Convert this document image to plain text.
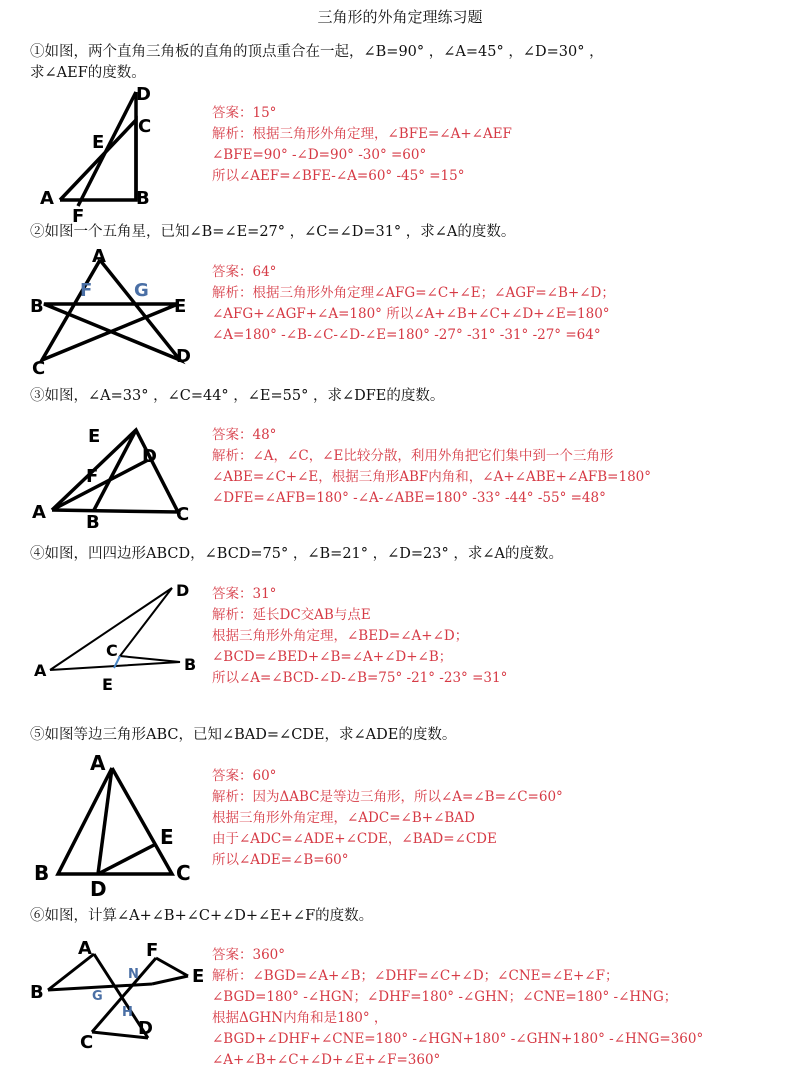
三角形的外角定理练习题
①如图，两个直角三角板的直角的顶点重合在一起，∠B=90° ，∠A=45° ，∠D=30° ，
求∠AEF的度数。
A	B
C
D
E
F
答案：15°
解析：根据三角形外角定理，∠BFE=∠A+∠AEF
∠BFE=90° -∠D=90° -30° =60°
所以∠AEF=∠BFE-∠A=60° -45° =15°
②如图一个五角星，已知∠B=∠E=27° ，∠C=∠D=31° ，求∠A的度数。
A
B
C
D
E
F G
答案：64°
解析：根据三角形外角定理∠AFG=∠C+∠E；∠AGF=∠B+∠D；
∠AFG+∠AGF+∠A=180° 所以∠A+∠B+∠C+∠D+∠E=180°
∠A=180° -∠B-∠C-∠D-∠E=180° -27° -31° -31° -27° =64°
③如图，∠A=33° ，∠C=44° ，∠E=55° ，求∠DFE的度数。
A B	C
D
E
F
答案：48°
解析：∠A，∠C，∠E比较分散，利用外角把它们集中到一个三角形
∠ABE=∠C+∠E，根据三角形ABF内角和，∠A+∠ABE+∠AFB=180°
∠DFE=∠AFB=180° -∠A-∠ABE=180° -33° -44° -55° =48°
④如图，凹四边形ABCD，∠BCD=75° ，∠B=21° ，∠D=23° ，求∠A的度数。
A	B
C
D
E
答案：31°
解析：延长DC交AB与点E
根据三角形外角定理，∠BED=∠A+∠D；
∠BCD=∠BED+∠B=∠A+∠D+∠B；
所以∠A=∠BCD-∠D-∠B=75° -21° -23° =31°
⑤如图等边三角形ABC，已知∠BAD=∠CDE，求∠ADE的度数。
A
B	C
D
E
答案：60°
解析：因为ΔABC是等边三角形，所以∠A=∠B=∠C=60°
根据三角形外角定理，∠ADC=∠B+∠BAD
由于∠ADC=∠ADE+∠CDE，∠BAD=∠CDE
所以∠ADE=∠B=60°
⑥如图，计算∠A+∠B+∠C+∠D+∠E+∠F的度数。
A
B
C
D
E
F
G
H
N
答案：360°
解析：∠BGD=∠A+∠B；∠DHF=∠C+∠D；∠CNE=∠E+∠F；
∠BGD=180° -∠HGN；∠DHF=180° -∠GHN；∠CNE=180° -∠HNG；
根据ΔGHN内角和是180° ，
∠BGD+∠DHF+∠CNE=180° -∠HGN+180° -∠GHN+180° -∠HNG=360°
∠A+∠B+∠C+∠D+∠E+∠F=360°
